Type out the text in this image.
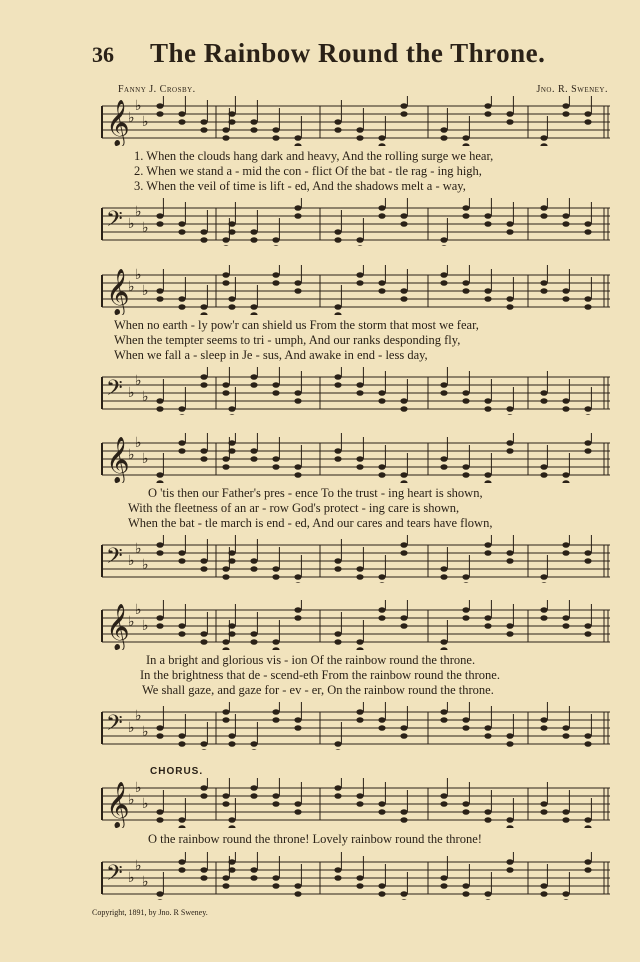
36 The Rainbow Round the Throne.
Fanny J. Crosby.	Jno. R. Sweney.
𝄞
♭
♭
♭
1. When the clouds hang dark and heavy, And the rolling surge we hear,
2. When we stand a - mid the con - flict Of the bat - tle rag - ing high,
3. When the veil of time is lift - ed, And the shadows melt a - way,
𝄢 ♭
♭
♭
𝄞
♭
♭
♭
When no earth - ly pow'r can shield us From the storm that most we fear,
When the tempter seems to tri - umph, And our ranks desponding fly,
When we fall a - sleep in Je - sus, And awake in end - less day,
𝄢 ♭
♭
♭
𝄞
♭
♭
♭
O 'tis then our Father's pres - ence To the trust - ing heart is shown,
With the fleetness of an ar - row God's protect - ing care is shown,
When the bat - tle march is end - ed, And our cares and tears have flown,
𝄢 ♭
♭
♭
𝄞
♭
♭
♭
In a bright and glorious vis - ion Of the rainbow round the throne.
In the brightness that de - scend-eth From the rainbow round the throne.
We shall gaze, and gaze for - ev - er, On the rainbow round the throne.
𝄢 ♭
♭
♭
CHORUS.
𝄞
♭
♭
♭
O the rainbow round the throne! Lovely rainbow round the throne!
𝄢 ♭
♭
♭
Copyright, 1891, by Jno. R Sweney.
